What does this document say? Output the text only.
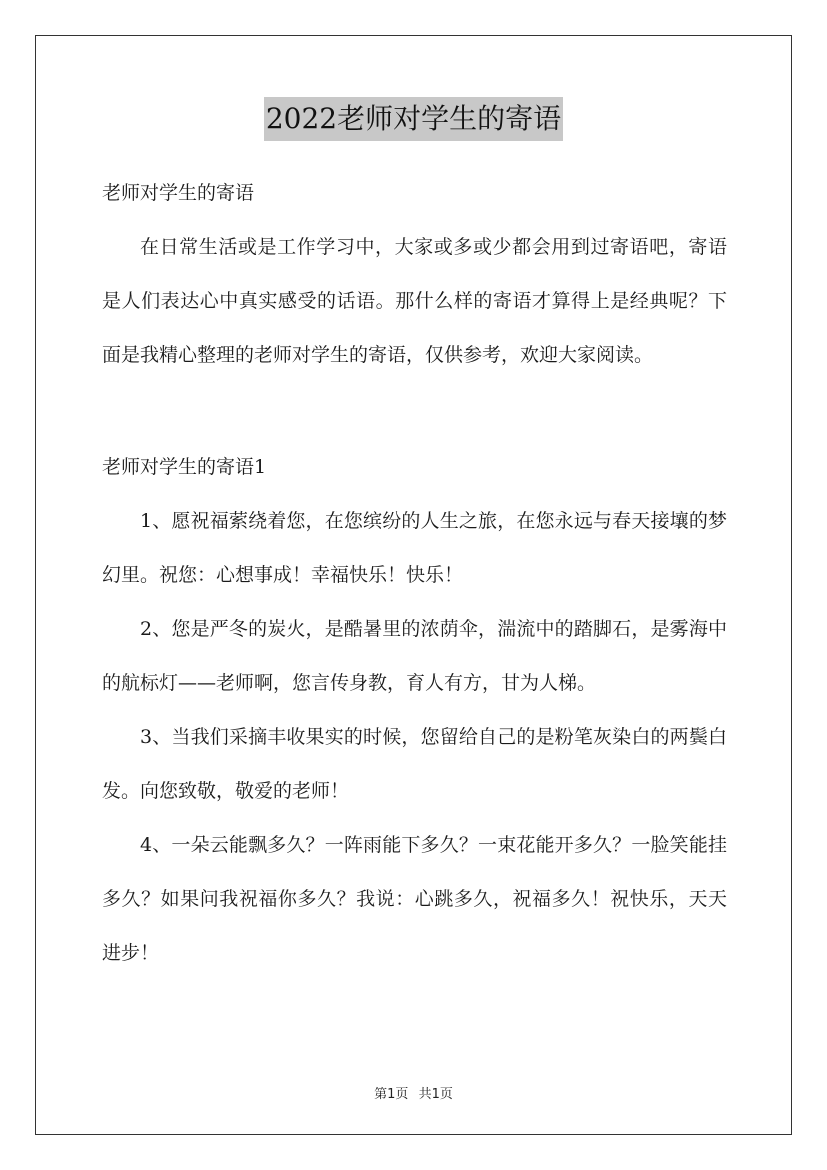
2022老师对学生的寄语

老师对学生的寄语

在日常生活或是工作学习中，大家或多或少都会用到过寄语吧，寄语是人们表达心中真实感受的话语。那什么样的寄语才算得上是经典呢？下面是我精心整理的老师对学生的寄语，仅供参考，欢迎大家阅读。

老师对学生的寄语1

1、愿祝福萦绕着您，在您缤纷的人生之旅，在您永远与春天接壤的梦幻里。祝您：心想事成！幸福快乐！快乐！

2、您是严冬的炭火，是酷暑里的浓荫伞，湍流中的踏脚石，是雾海中的航标灯——老师啊，您言传身教，育人有方，甘为人梯。

3、当我们采摘丰收果实的时候，您留给自己的是粉笔灰染白的两鬓白发。向您致敬，敬爱的老师！

4、一朵云能飘多久？一阵雨能下多久？一束花能开多久？一脸笑能挂多久？如果问我祝福你多久？我说：心跳多久，祝福多久！祝快乐，天天进步！

第1页 共1页
